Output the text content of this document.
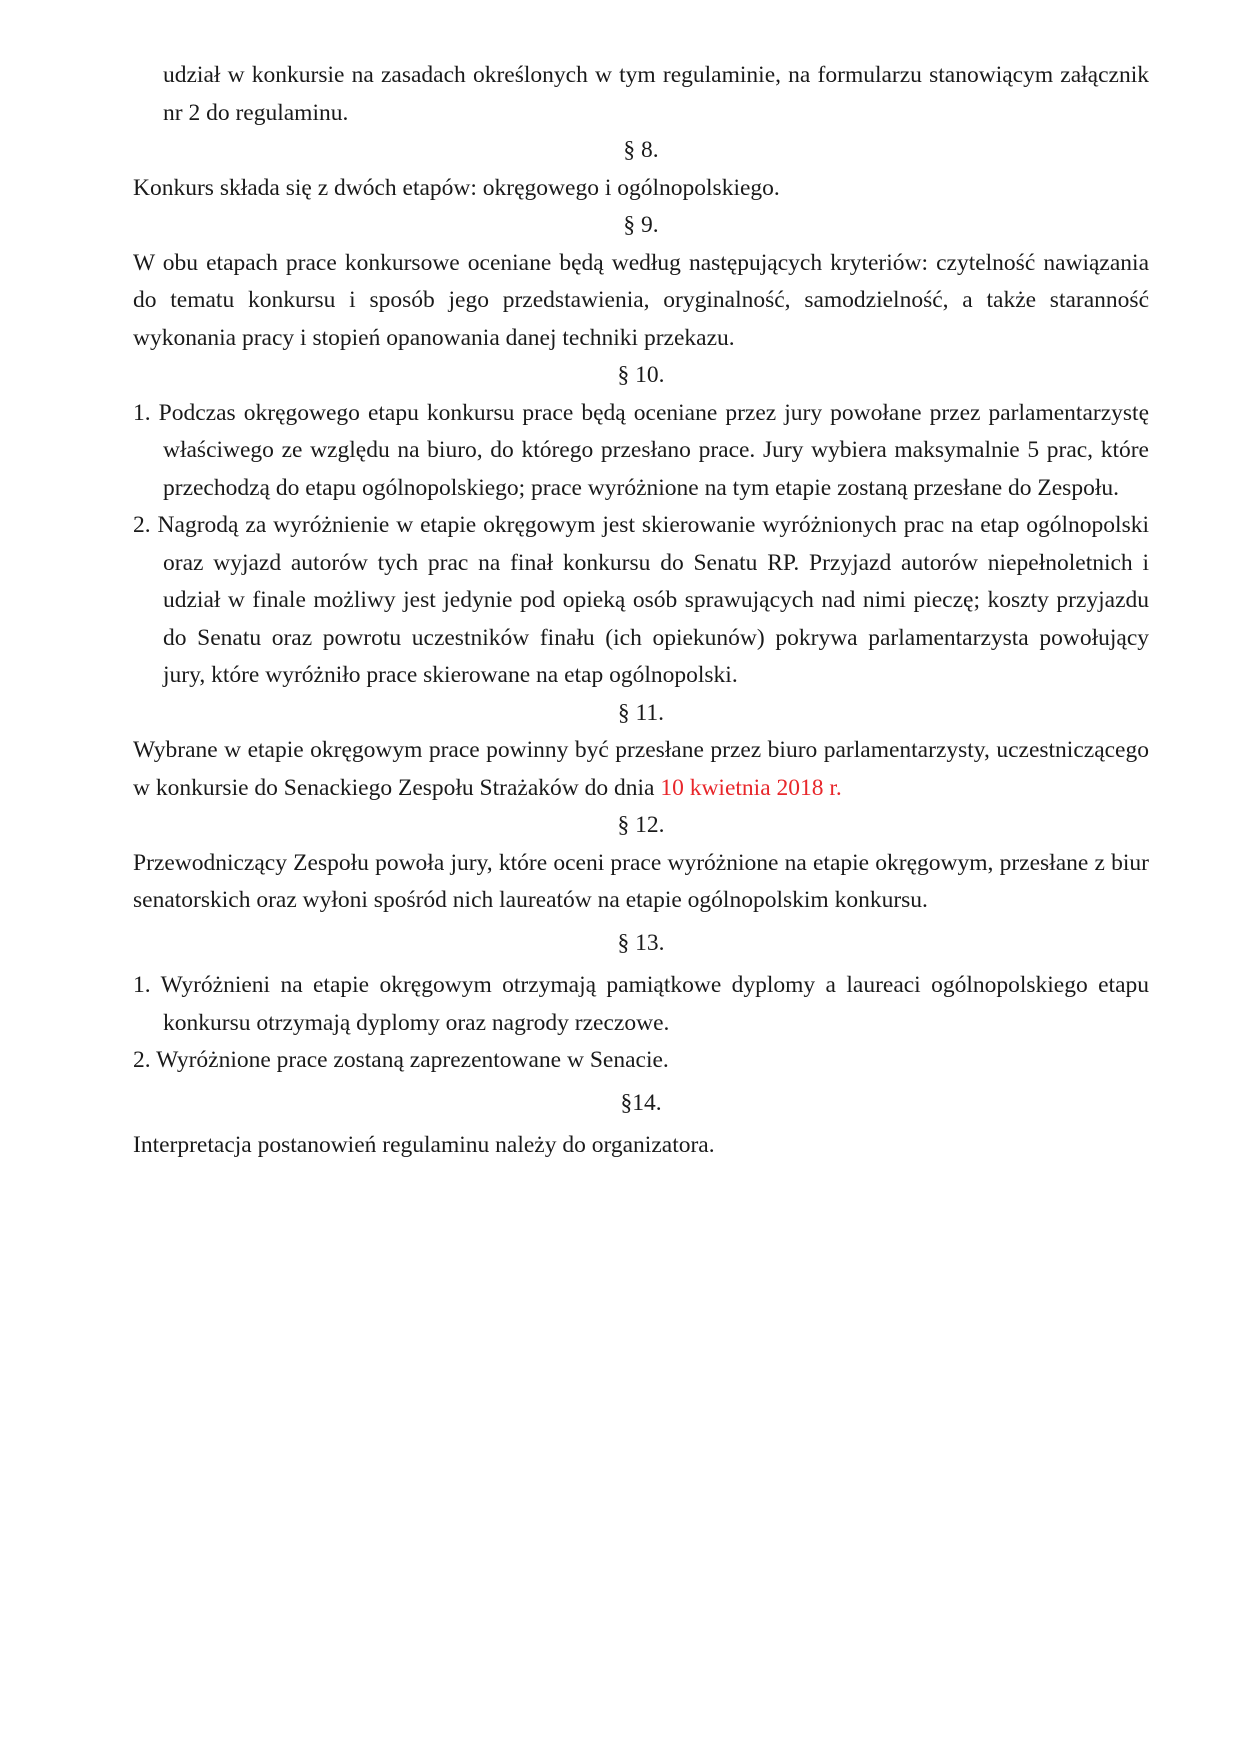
udział w konkursie na zasadach określonych w tym regulaminie, na formularzu stanowiącym załącznik nr 2 do regulaminu.

§ 8.

Konkurs składa się z dwóch etapów: okręgowego i ogólnopolskiego.

§ 9.

W obu etapach prace konkursowe oceniane będą według następujących kryteriów: czytelność nawiązania do tematu konkursu i sposób jego przedstawienia, oryginalność, samodzielność, a także staranność wykonania pracy i stopień opanowania danej techniki przekazu.

§ 10.

1. Podczas okręgowego etapu konkursu prace będą oceniane przez jury powołane przez parlamentarzystę właściwego ze względu na biuro, do którego przesłano prace. Jury wybiera maksymalnie 5 prac, które przechodzą do etapu ogólnopolskiego; prace wyróżnione na tym etapie zostaną przesłane do Zespołu.

2. Nagrodą za wyróżnienie w etapie okręgowym jest skierowanie wyróżnionych prac na etap ogólnopolski oraz wyjazd autorów tych prac na finał konkursu do Senatu RP. Przyjazd autorów niepełnoletnich i udział w finale możliwy jest jedynie pod opieką osób sprawujących nad nimi pieczę; koszty przyjazdu do Senatu oraz powrotu uczestników finału (ich opiekunów) pokrywa parlamentarzysta powołujący jury, które wyróżniło prace skierowane na etap ogólnopolski.

§ 11.

Wybrane w etapie okręgowym prace powinny być przesłane przez biuro parlamentarzysty, uczestniczącego w konkursie do Senackiego Zespołu Strażaków do dnia 10 kwietnia 2018 r.

§ 12.

Przewodniczący Zespołu powoła jury, które oceni prace wyróżnione na etapie okręgowym, przesłane z biur senatorskich oraz wyłoni spośród nich laureatów na etapie ogólnopolskim konkursu.

§ 13.

1. Wyróżnieni na etapie okręgowym otrzymają pamiątkowe dyplomy a laureaci ogólnopolskiego etapu konkursu otrzymają dyplomy oraz nagrody rzeczowe.

2. Wyróżnione prace zostaną zaprezentowane w Senacie.

§14.

Interpretacja postanowień regulaminu należy do organizatora.
